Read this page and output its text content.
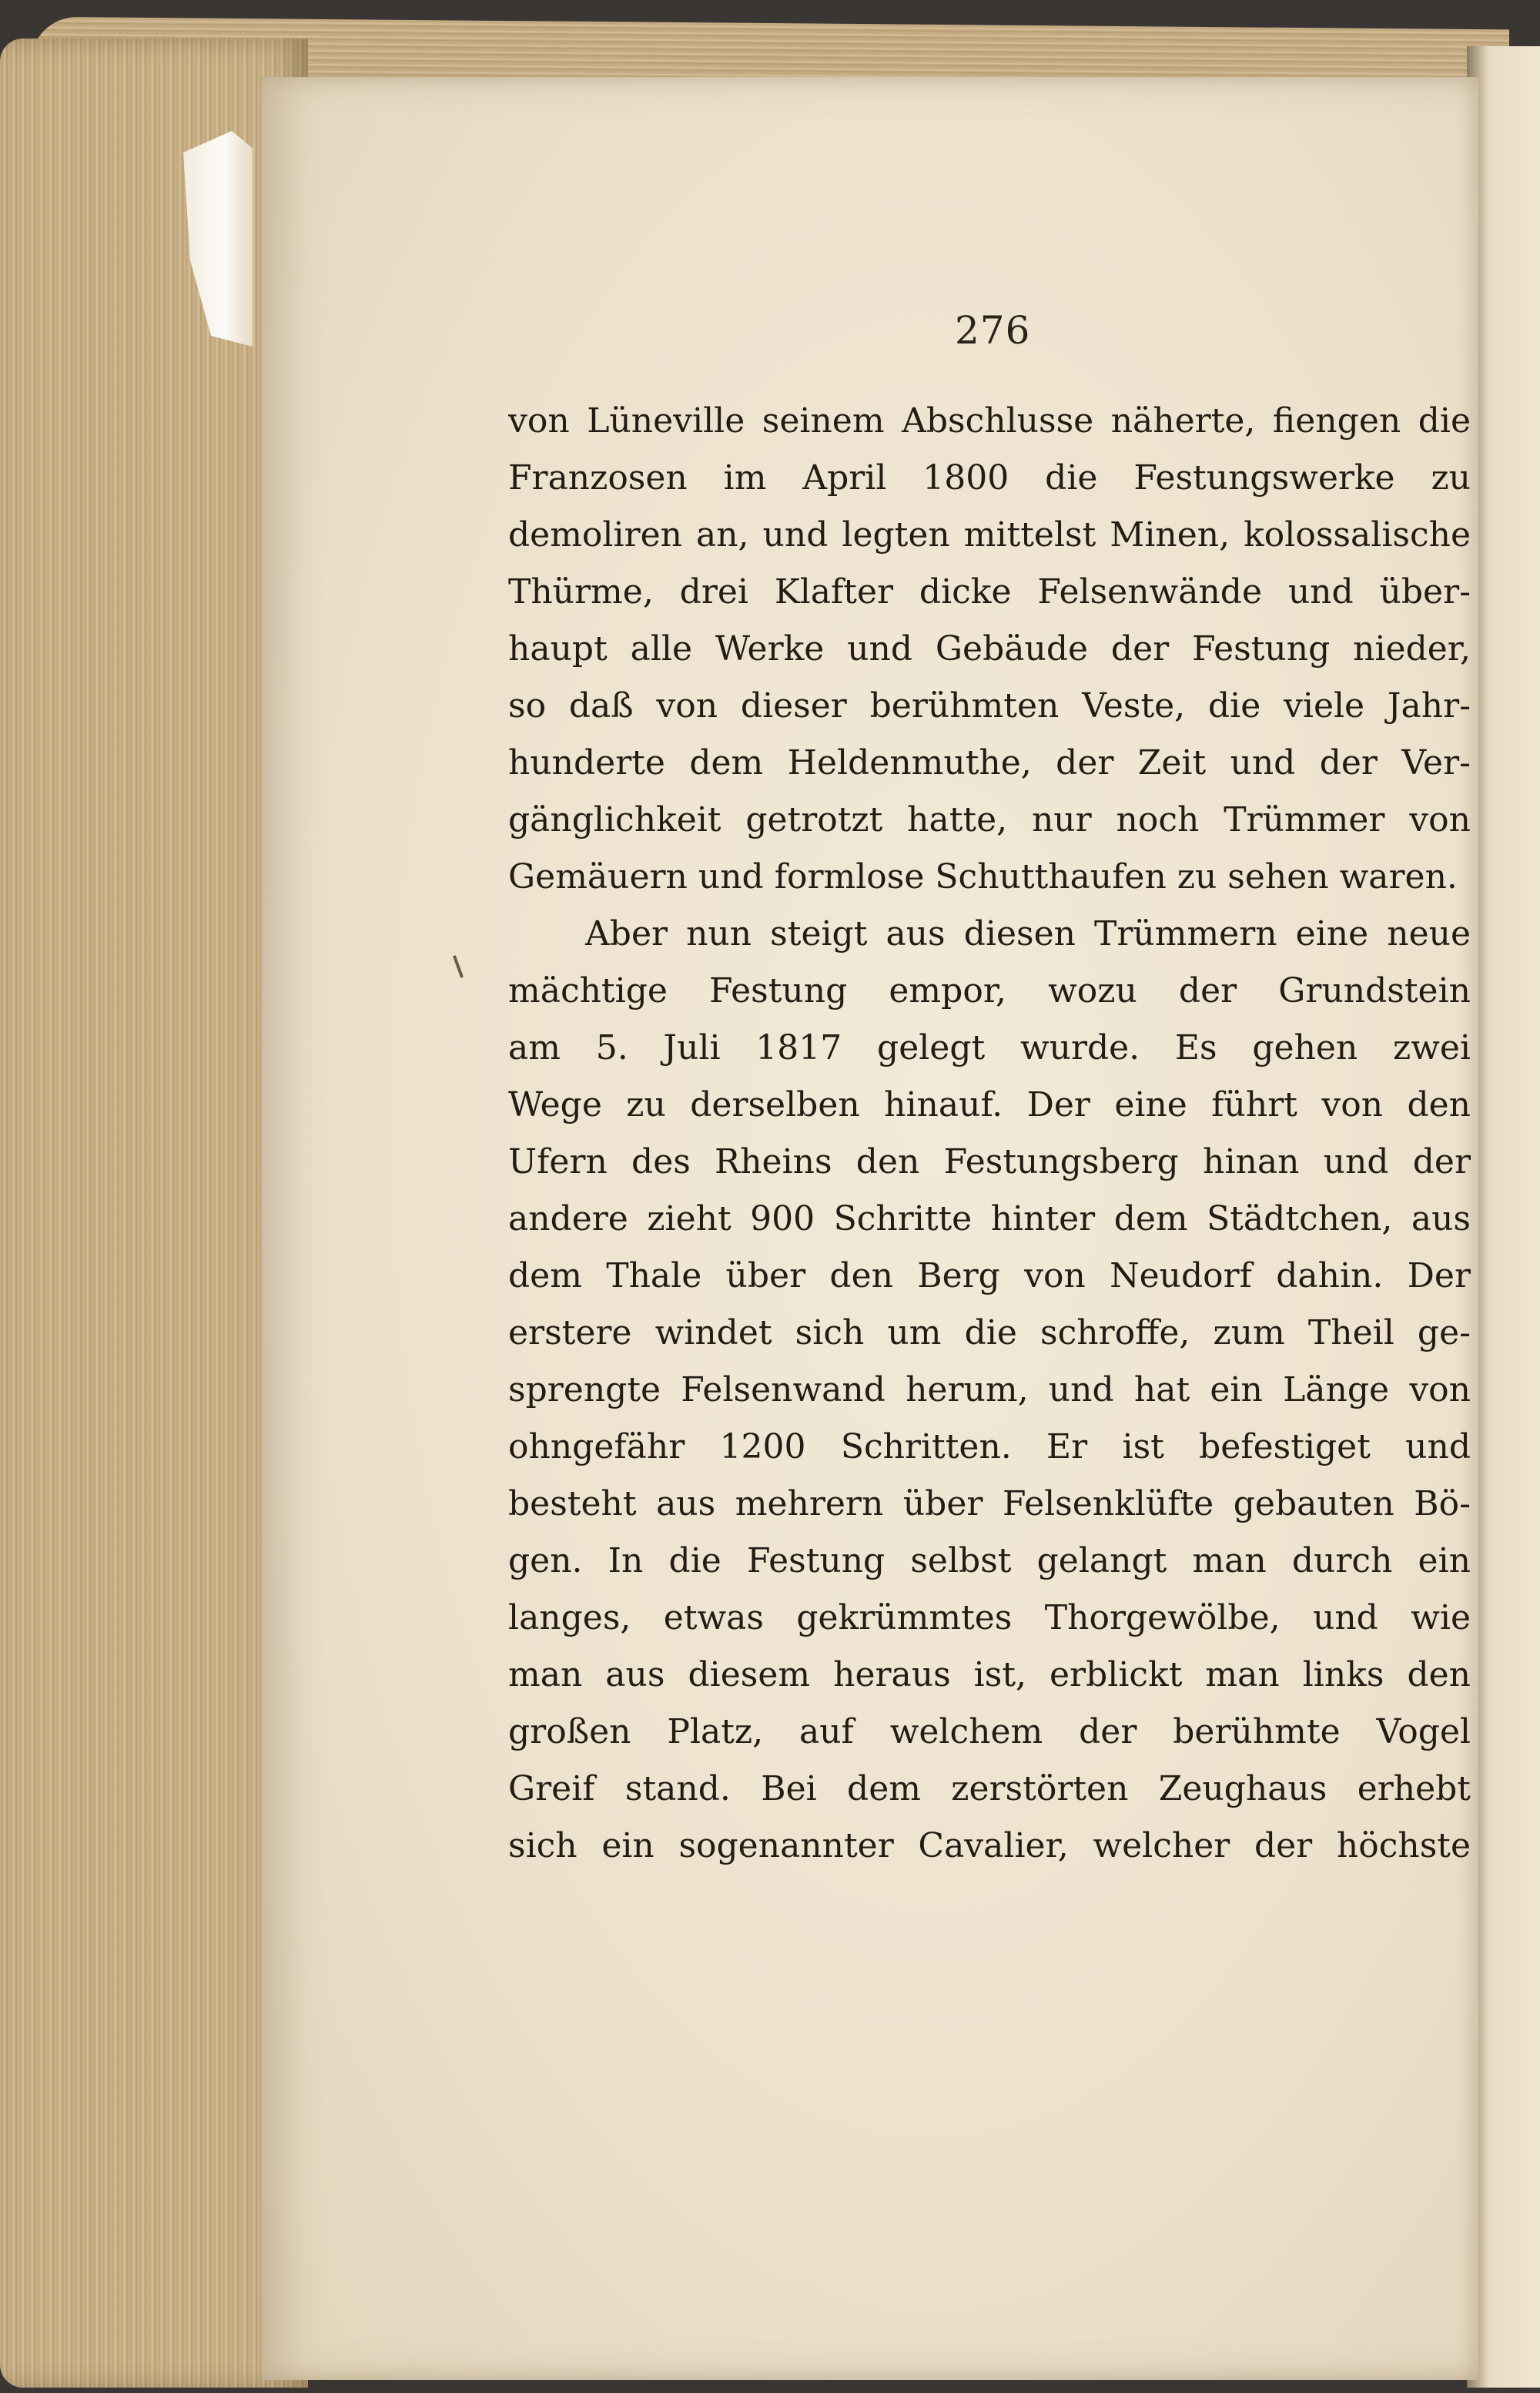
276
von Lüneville seinem Abschlusse näherte, fiengen die
Franzosen im April 1800 die Festungswerke zu
demoliren an, und legten mittelst Minen, kolossalische
Thürme, drei Klafter dicke Felsenwände und über-
haupt alle Werke und Gebäude der Festung nieder,
so daß von dieser berühmten Veste, die viele Jahr-
hunderte dem Heldenmuthe, der Zeit und der Ver-
gänglichkeit getrotzt hatte, nur noch Trümmer von
Gemäuern und formlose Schutthaufen zu sehen waren.
Aber nun steigt aus diesen Trümmern eine neue
mächtige Festung empor, wozu der Grundstein
am 5. Juli 1817 gelegt wurde. Es gehen zwei
Wege zu derselben hinauf. Der eine führt von den
Ufern des Rheins den Festungsberg hinan und der
andere zieht 900 Schritte hinter dem Städtchen, aus
dem Thale über den Berg von Neudorf dahin. Der
erstere windet sich um die schroffe, zum Theil ge-
sprengte Felsenwand herum, und hat ein Länge von
ohngefähr 1200 Schritten. Er ist befestiget und
besteht aus mehrern über Felsenklüfte gebauten Bö-
gen. In die Festung selbst gelangt man durch ein
langes, etwas gekrümmtes Thorgewölbe, und wie
man aus diesem heraus ist, erblickt man links den
großen Platz, auf welchem der berühmte Vogel
Greif stand. Bei dem zerstörten Zeughaus erhebt
sich ein sogenannter Cavalier, welcher der höchste
